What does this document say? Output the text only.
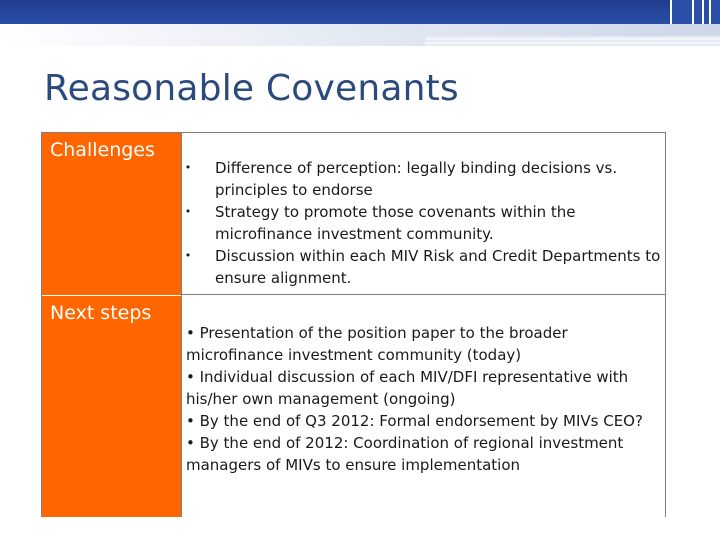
Reasonable Covenants
Challenges
• Difference of perception: legally binding decisions vs. principles to endorse
• Strategy to promote those covenants within the microfinance investment community.
• Discussion within each MIV Risk and Credit Departments to ensure alignment.
Next steps

• Presentation of the position paper to the broader microfinance investment community (today)

• Individual discussion of each MIV/DFI representative with his/her own management (ongoing)

• By the end of Q3 2012: Formal endorsement by MIVs CEO?

• By the end of 2012: Coordination of regional investment managers of MIVs to ensure implementation
